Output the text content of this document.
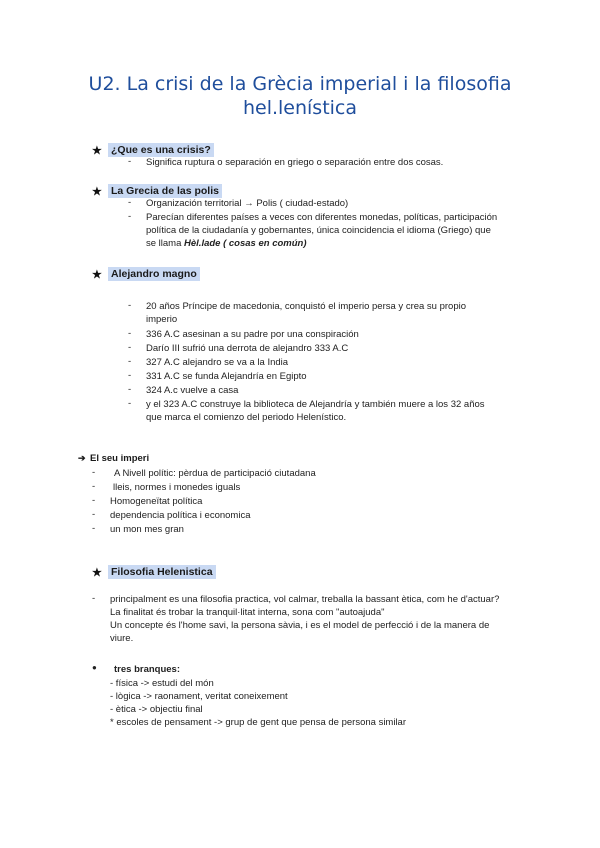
U2. La crisi de la Grècia imperial i la filosofia
hel.lenística
★ ¿Que es una crisis?
- Significa ruptura o separación en griego o separación entre dos cosas.
★ La Grecia de las polis
- Organización territorial → Polis ( ciudad-estado)
- Parecían diferentes países a veces con diferentes monedas, políticas, participación
política de la ciudadanía y gobernantes, única coincidencia el idioma (Griego) que
se llama Hèl.lade ( cosas en común)
★ Alejandro magno
- 20 años Príncipe de macedonia, conquistó el imperio persa y crea su propio
imperio
- 336 A.C asesinan a su padre por una conspiración
- Darío III sufrió una derrota de alejandro 333 A.C
- 327 A.C alejandro se va a la India
- 331 A.C se funda Alejandría en Egipto
- 324 A.c vuelve a casa
- y el 323 A.C construye la biblioteca de Alejandría y también muere a los 32 años
que marca el comienzo del periodo Helenístico.
➔ El seu imperi
- A Nivell polític: pèrdua de participació ciutadana
- lleis, normes i monedes iguals
- Homogeneïtat política
- dependencia política i economica
- un mon mes gran
★ Filosofia Helenistica
- principalment es una filosofia practica, vol calmar, treballa la bassant ètica, com he d'actuar?
La finalitat és trobar la tranquil·litat interna, sona com "autoajuda"
Un concepte és l'home savi, la persona sàvia, i es el model de perfecció i de la manera de
viure.
● tres branques:
- física -> estudi del món
- lògica -> raonament, veritat coneixement
- ètica -> objectiu final
* escoles de pensament -> grup de gent que pensa de persona similar
